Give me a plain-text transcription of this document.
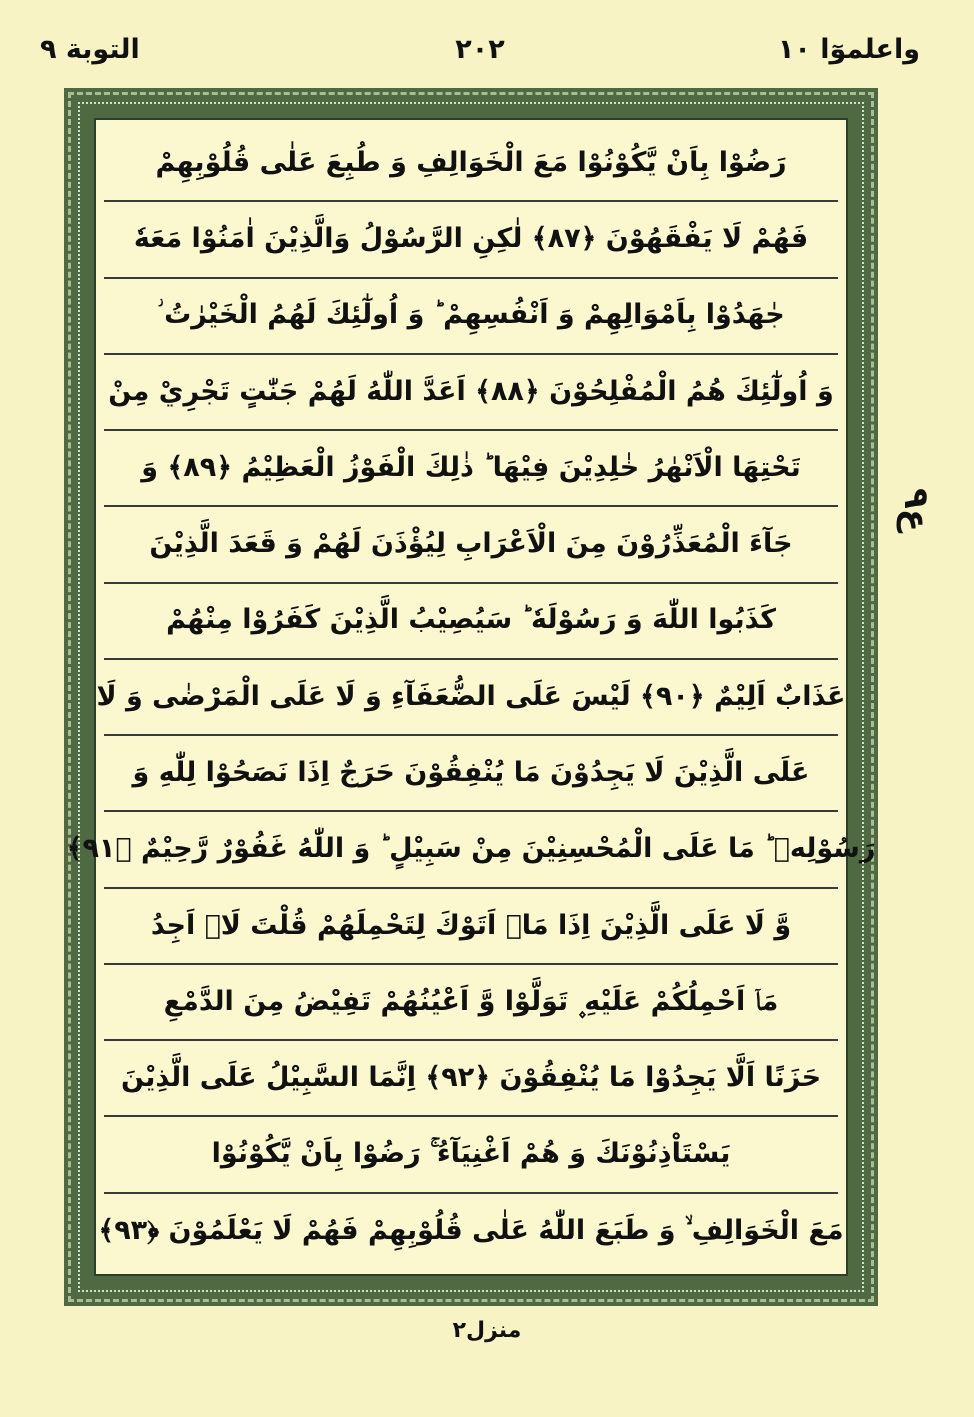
واعلموٓا ١٠
٢٠٢
التوبة ٩
رَضُوْا بِاَنْ يَّكُوْنُوْا مَعَ الْخَوَالِفِ وَ طُبِعَ عَلٰى قُلُوْبِهِمْ
فَهُمْ لَا يَفْقَهُوْنَ ﴿٨٧﴾ لٰكِنِ الرَّسُوْلُ وَالَّذِيْنَ اٰمَنُوْا مَعَهٗ
جٰهَدُوْا بِاَمْوَالِهِمْ وَ اَنْفُسِهِمْ ؕ وَ اُولٰٓئِكَ لَهُمُ الْخَيْرٰتُ ؗ
وَ اُولٰٓئِكَ هُمُ الْمُفْلِحُوْنَ ﴿٨٨﴾ اَعَدَّ اللّٰهُ لَهُمْ جَنّٰتٍ تَجْرِيْ مِنْ
تَحْتِهَا الْاَنْهٰرُ خٰلِدِيْنَ فِيْهَا ؕ ذٰلِكَ الْفَوْزُ الْعَظِيْمُ ﴿٨٩﴾ وَ
جَآءَ الْمُعَذِّرُوْنَ مِنَ الْاَعْرَابِ لِيُؤْذَنَ لَهُمْ وَ قَعَدَ الَّذِيْنَ
كَذَبُوا اللّٰهَ وَ رَسُوْلَهٗ ؕ سَيُصِيْبُ الَّذِيْنَ كَفَرُوْا مِنْهُمْ
عَذَابٌ اَلِيْمٌ ﴿٩٠﴾ لَيْسَ عَلَى الضُّعَفَآءِ وَ لَا عَلَى الْمَرْضٰى وَ لَا
عَلَى الَّذِيْنَ لَا يَجِدُوْنَ مَا يُنْفِقُوْنَ حَرَجٌ اِذَا نَصَحُوْا لِلّٰهِ وَ
رَسُوْلِهٖ ؕ مَا عَلَى الْمُحْسِنِيْنَ مِنْ سَبِيْلٍ ؕ وَ اللّٰهُ غَفُوْرٌ رَّحِيْمٌ ﴿٩١﴾
وَّ لَا عَلَى الَّذِيْنَ اِذَا مَاۤ اَتَوْكَ لِتَحْمِلَهُمْ قُلْتَ لَاۤ اَجِدُ
مَاۤ اَحْمِلُكُمْ عَلَيْهِ ۪ تَوَلَّوْا وَّ اَعْيُنُهُمْ تَفِيْضُ مِنَ الدَّمْعِ
حَزَنًا اَلَّا يَجِدُوْا مَا يُنْفِقُوْنَ ﴿٩٢﴾ اِنَّمَا السَّبِيْلُ عَلَى الَّذِيْنَ
يَسْتَاْذِنُوْنَكَ وَ هُمْ اَغْنِيَآءُ ۚ رَضُوْا بِاَنْ يَّكُوْنُوْا
مَعَ الْخَوَالِفِ ۙ وَ طَبَعَ اللّٰهُ عَلٰى قُلُوْبِهِمْ فَهُمْ لَا يَعْلَمُوْنَ ﴿٩٣﴾
ع٩
منزل٢
